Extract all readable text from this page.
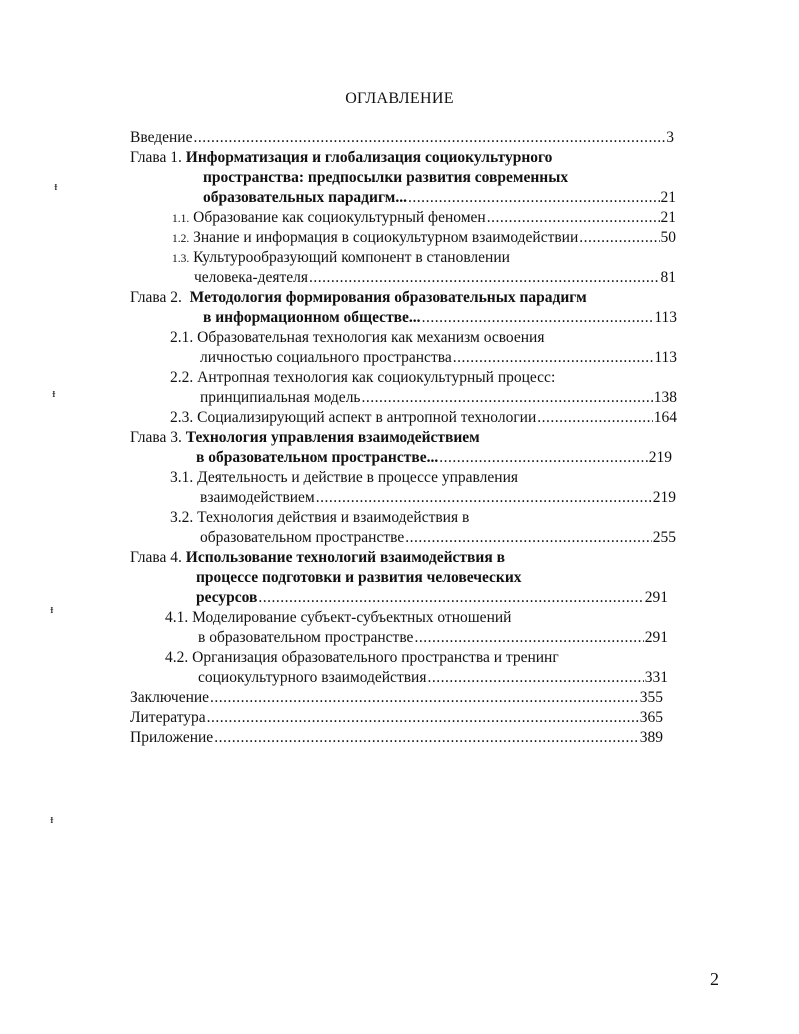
ОГЛАВЛЕНИЕ
Введение .....	3
Глава 1. Информатизация и глобализация социокультурного
пространства: предпосылки развития современных
образовательных парадигм... .....	21
1.1. Образование как социокультурный феномен .....	21
1.2. Знание и информация в социокультурном взаимодействии .....	50
1.3. Культурообразующий компонент в становлении
человека-деятеля .....	81
Глава 2. Методология формирования образовательных парадигм
в информационном обществе... .....	113
2.1. Образовательная технология как механизм освоения
личностью социального пространства .....	113
2.2. Антропная технология как социокультурный процесс:
принципиальная модель .....	138
2.3. Социализирующий аспект в антропной технологии .....	164
Глава 3. Технология управления взаимодействием
в образовательном пространстве... .....	219
3.1. Деятельность и действие в процессе управления
взаимодействием .....	219
3.2. Технология действия и взаимодействия в
образовательном пространстве .....	255
Глава 4. Использование технологий взаимодействия в
процессе подготовки и развития человеческих
ресурсов .....	291
4.1. Моделирование субъект-субъектных отношений
в образовательном пространстве .....	291
4.2. Организация образовательного пространства и тренинг
социокультурного взаимодействия .....	331
Заключение .....	355
Литература .....	365
Приложение .....	389
ᵻ
ᵻ
ᵻ
ᵻ
2
